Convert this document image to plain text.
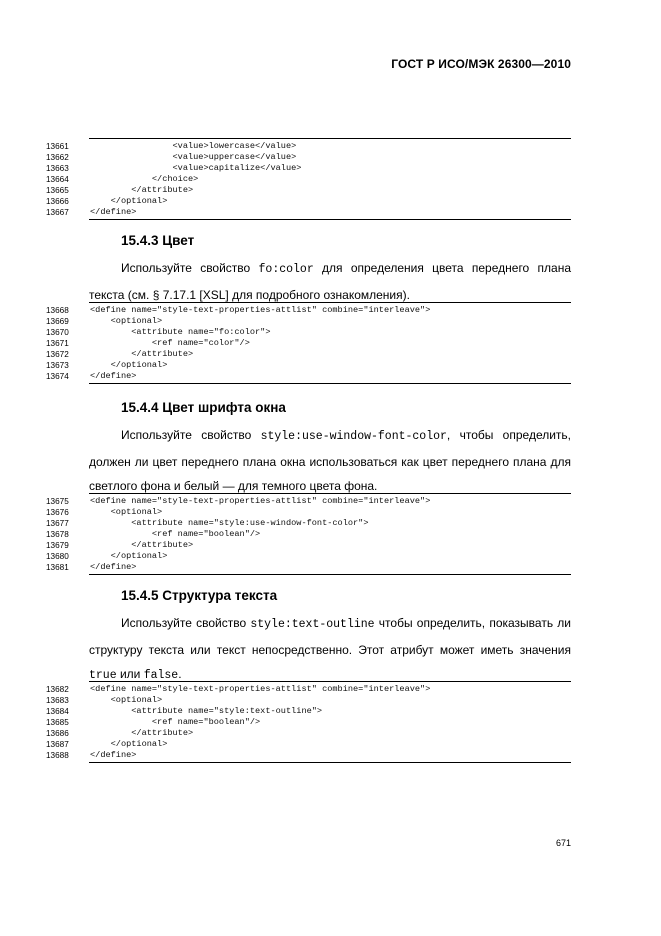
ГОСТ Р ИСО/МЭК 26300—2010
13661	<value>lowercase</value>
13662	<value>uppercase</value>
13663	<value>capitalize</value>
13664	</choice>
13665	</attribute>
13666	</optional>
13667	</define>
15.4.3 Цвет

Используйте свойство fo:color для определения цвета переднего плана текста (см. § 7.17.1 [XSL] для подробного ознакомления).

13668	<define name="style-text-properties-attlist" combine="interleave">
13669	<optional>
13670	<attribute name="fo:color">
13671	<ref name="color"/>
13672	</attribute>
13673	</optional>
13674	</define>
15.4.4 Цвет шрифта окна

Используйте свойство style:use-window-font-color, чтобы определить, должен ли цвет переднего плана окна использоваться как цвет переднего плана для светлого фона и белый — для темного цвета фона.

13675	<define name="style-text-properties-attlist" combine="interleave">
13676	<optional>
13677	<attribute name="style:use-window-font-color">
13678	<ref name="boolean"/>
13679	</attribute>
13680	</optional>
13681	</define>
15.4.5 Структура текста

Используйте свойство style:text-outline чтобы определить, показывать ли структуру текста или текст непосредственно. Этот атрибут может иметь значения true или false.

13682	<define name="style-text-properties-attlist" combine="interleave">
13683	<optional>
13684	<attribute name="style:text-outline">
13685	<ref name="boolean"/>
13686	</attribute>
13687	</optional>
13688	</define>
671
